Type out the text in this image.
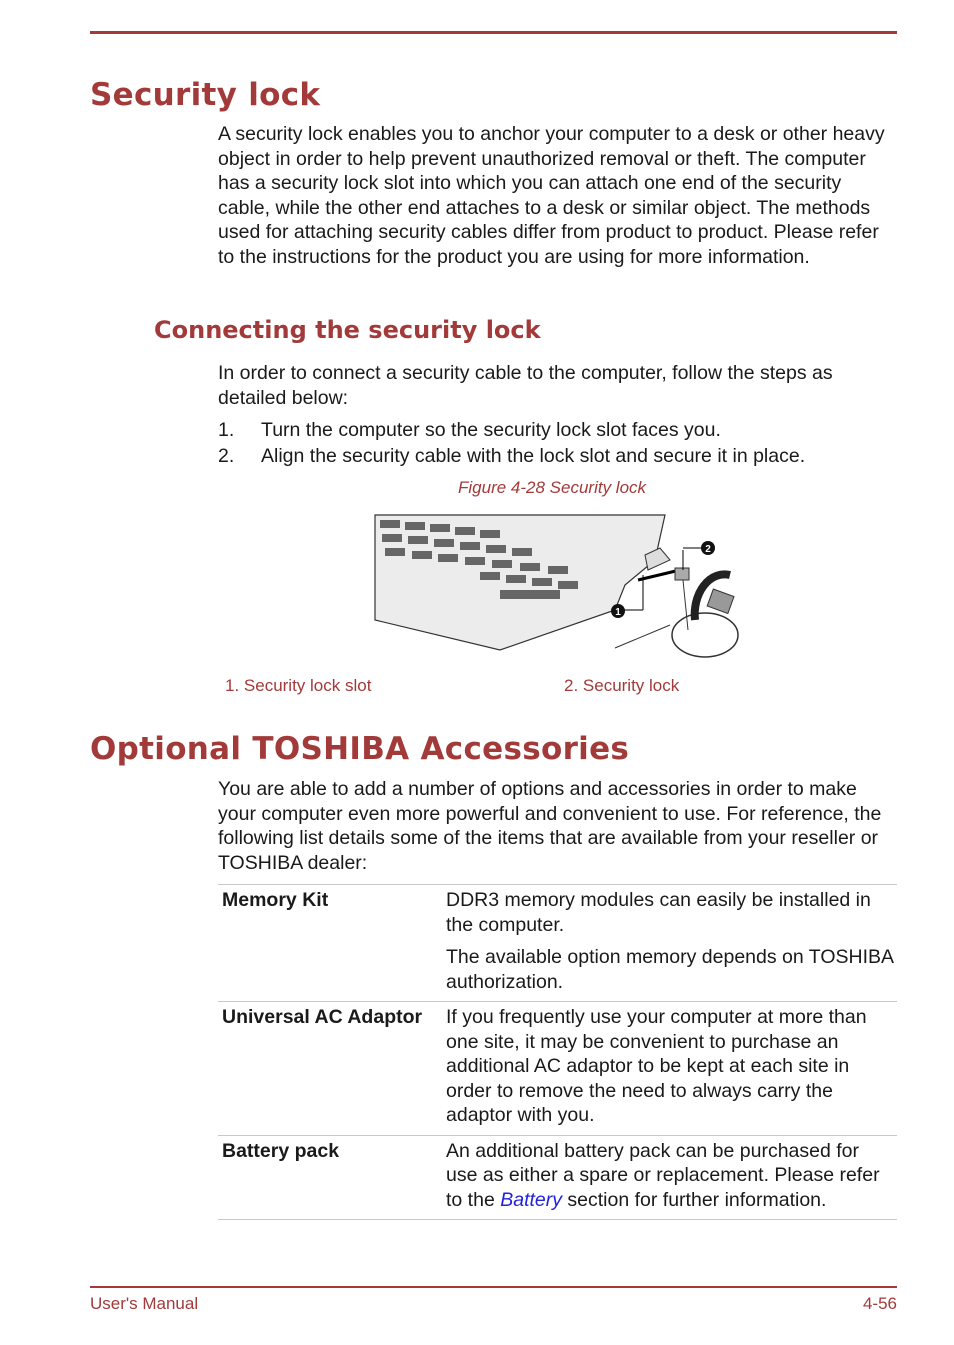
Security lock
A security lock enables you to anchor your computer to a desk or other heavy object in order to help prevent unauthorized removal or theft. The computer has a security lock slot into which you can attach one end of the security cable, while the other end attaches to a desk or similar object. The methods used for attaching security cables differ from product to product. Please refer to the instructions for the product you are using for more information.
Connecting the security lock
In order to connect a security cable to the computer, follow the steps as detailed below:
1. Turn the computer so the security lock slot faces you.
2. Align the security cable with the lock slot and secure it in place.
Figure 4-28 Security lock
1
2
1. Security lock slot	2. Security lock
Optional TOSHIBA Accessories
You are able to add a number of options and accessories in order to make your computer even more powerful and convenient to use. For reference, the following list details some of the items that are available from your reseller or TOSHIBA dealer:
Memory Kit	DDR3 memory modules can easily be installed in the computer.

The available option memory depends on TOSHIBA authorization.

Universal AC Adaptor	If you frequently use your computer at more than one site, it may be convenient to purchase an additional AC adaptor to be kept at each site in order to remove the need to always carry the adaptor with you.

Battery pack	An additional battery pack can be purchased for use as either a spare or replacement. Please refer to the Battery section for further information.
User's Manual	4-56
